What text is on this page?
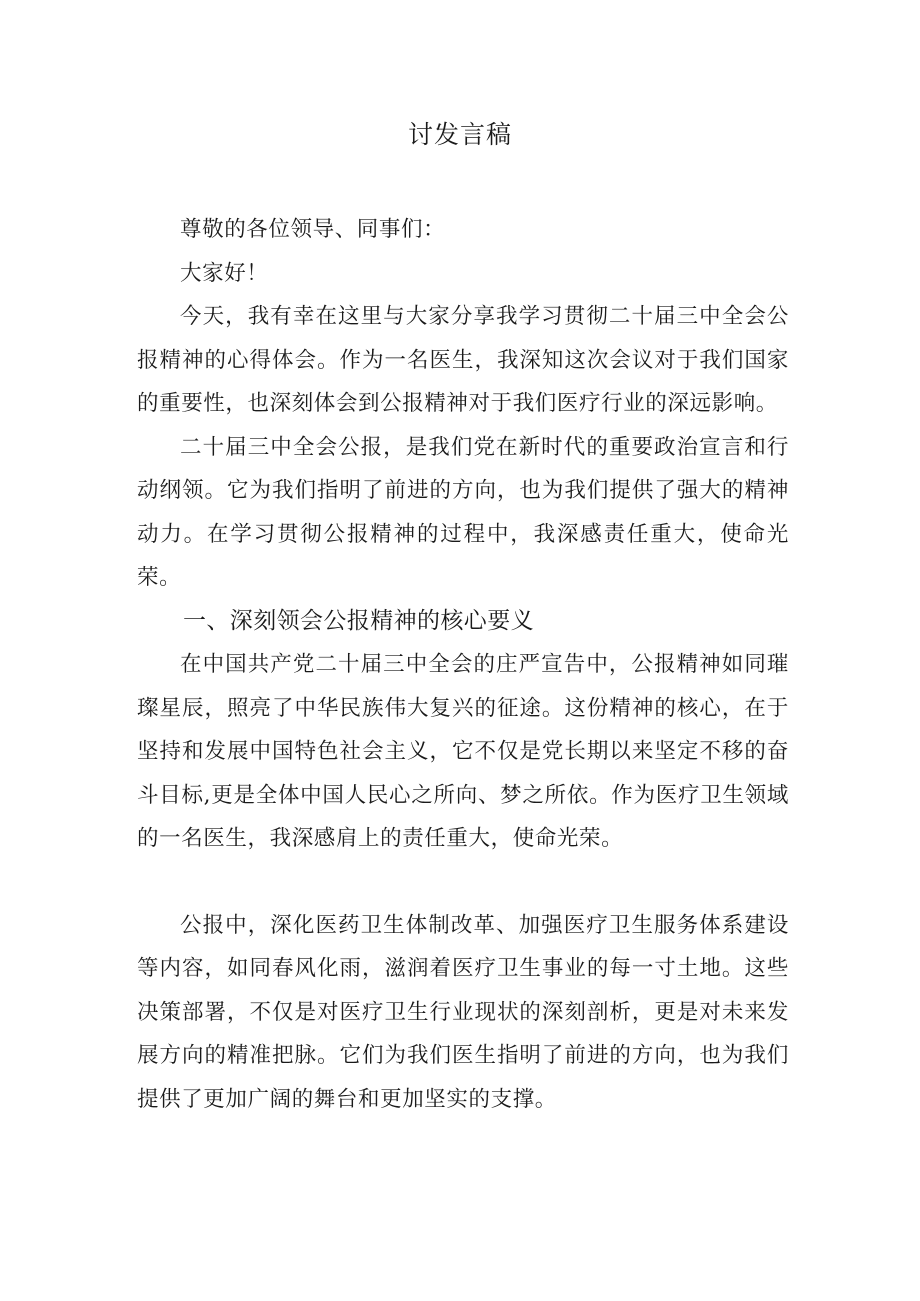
讨发言稿

尊敬的各位领导、同事们：

大家好！

今天，我有幸在这里与大家分享我学习贯彻二十届三中全会公报精神的心得体会。作为一名医生，我深知这次会议对于我们国家的重要性，也深刻体会到公报精神对于我们医疗行业的深远影响。

二十届三中全会公报，是我们党在新时代的重要政治宣言和行动纲领。它为我们指明了前进的方向，也为我们提供了强大的精神动力。在学习贯彻公报精神的过程中，我深感责任重大，使命光荣。

一、深刻领会公报精神的核心要义

在中国共产党二十届三中全会的庄严宣告中，公报精神如同璀璨星辰，照亮了中华民族伟大复兴的征途。这份精神的核心，在于坚持和发展中国特色社会主义，它不仅是党长期以来坚定不移的奋斗目标,更是全体中国人民心之所向、梦之所依。作为医疗卫生领域的一名医生，我深感肩上的责任重大，使命光荣。

公报中，深化医药卫生体制改革、加强医疗卫生服务体系建设等内容，如同春风化雨，滋润着医疗卫生事业的每一寸土地。这些决策部署，不仅是对医疗卫生行业现状的深刻剖析，更是对未来发展方向的精准把脉。它们为我们医生指明了前进的方向，也为我们提供了更加广阔的舞台和更加坚实的支撑。
